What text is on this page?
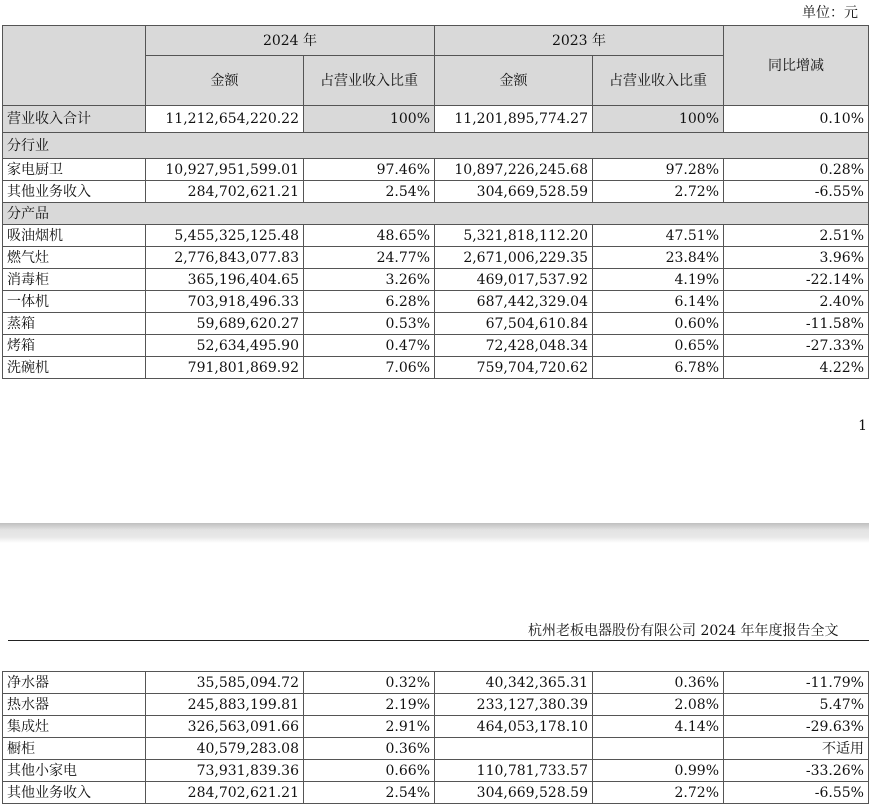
单位：元
	2024 年		2023 年		同比增减
	金额	占营业收入比重	金额	占营业收入比重	
营业收入合计	11,212,654,220.22	100%	11,201,895,774.27	100%	0.10%
分行业					
家电厨卫	10,927,951,599.01	97.46%	10,897,226,245.68	97.28%	0.28%
其他业务收入	284,702,621.21	2.54%	304,669,528.59	2.72%	-6.55%
分产品					
吸油烟机	5,455,325,125.48	48.65%	5,321,818,112.20	47.51%	2.51%
燃气灶	2,776,843,077.83	24.77%	2,671,006,229.35	23.84%	3.96%
消毒柜	365,196,404.65	3.26%	469,017,537.92	4.19%	-22.14%
一体机	703,918,496.33	6.28%	687,442,329.04	6.14%	2.40%
蒸箱	59,689,620.27	0.53%	67,504,610.84	0.60%	-11.58%
烤箱	52,634,495.90	0.47%	72,428,048.34	0.65%	-27.33%
洗碗机	791,801,869.92	7.06%	759,704,720.62	6.78%	4.22%
1
杭州老板电器股份有限公司 2024 年年度报告全文
净水器	35,585,094.72	0.32%	40,342,365.31	0.36%	-11.79%
热水器	245,883,199.81	2.19%	233,127,380.39	2.08%	5.47%
集成灶	326,563,091.66	2.91%	464,053,178.10	4.14%	-29.63%
橱柜	40,579,283.08	0.36%			不适用
其他小家电	73,931,839.36	0.66%	110,781,733.57	0.99%	-33.26%
其他业务收入	284,702,621.21	2.54%	304,669,528.59	2.72%	-6.55%
